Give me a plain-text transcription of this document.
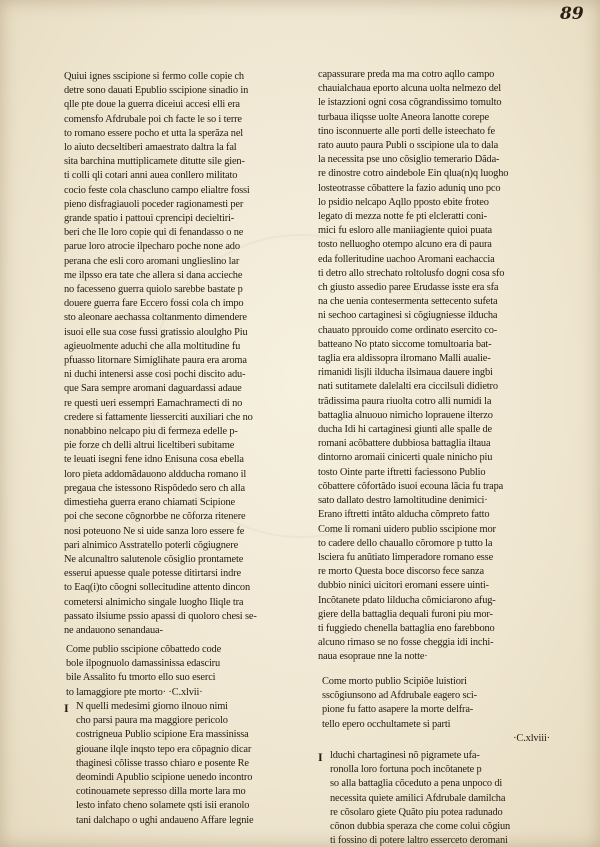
89
Quiui ignes sscipione si fermo colle copie ch
detre sono dauati Epublio sscipione sinadio in
qlle pte doue la guerra diceiui accesi elli era
comensfo Afdrubale poi ch facte le so i terre
to romano essere pocho et utta la sperãza nel
lo aiuto decseltiberi amaestrato daltra la fal
sita barchina muttiplicamete ditutte sile gien-
ti colli qli cotari anni auea conllero militato
cocio feste cola chascluno campo elialtre fossi
pieno disfragiauoli poceder ragionamesti per
grande spatio i pattoui cprencipi decieltiri-
beri che lle loro copie qui di fenandasso o ne
parue loro atrocie ilpecharo poche none ado
perana che esli coro aromani unglieslino lar
me ilpsso era tate che allera si dana accieche
no facesseno guerra quiolo sarebbe bastate p
douere guerra fare Eccero fossi cola ch impo
sto aleonare aechassa coltanmento dimendere
isuoi elle sua cose fussi gratissio aloulgho Piu
agieuolmente aduchi che alla moltitudine fu
pfuasso litornare Simiglihate paura era aroma
ni duchi intenersi asse cosi pochi discito adu-
que Sara sempre aromani daguardassi adaue
re questi ueri essempri Eamachramecti di no
credere si fattamente liesserciti auxiliari che no
nonabbino nelcapo piu di fermeza edelle p-
pie forze ch delli altrui liceltiberi subitame
te leuati isegni fene idno Enisuna cosa ebella
loro pieta addomãdauono aldducha romano il
pregaua che istessono Rispõdedo sero ch alla
dimestieha guerra erano chiamati Scipione
poi che secone cõgnorbbe ne cõforza ritenere
nosi poteuono Ne si uide sanza loro essere fe
pari alnimico Asstratello poterli cõgiugnere
Ne alcunaltro salutenole cõsiglio prontamete
esserui apuesse quale potesse ditirtarsi indre
to Eaq(i)to cõogni sollecitudine attento dincon
cometersi alnimicho singale luogho Iliqle tra
passato ilsiume pssio apassi di quoloro chesi se-
ne andauono senandaua-
Come publio sscipione cõbattedo code
bole ilpognuolo damassinissa edasciru
bile Assalito fu tmorto ello suo eserci
to lamaggiore pte morto· ·C.xlvii·
I N quelli medesimi giorno ilnouo nimi
cho parsi paura ma maggiore pericolo
costrigneua Publio scipione Era massinissa
giouane ilqle inqsto tepo era cõpagnio dicar
thaginesi cõlisse trasso chiaro e posente Re
deomindi Apublio scipione uenedo incontro
cotinouamete sepresso dilla morte lara mo
lesto infato cheno solamete qsti isii eranolo
tani dalchapo o ughi andaueno Affare legnie
capassurare preda ma ma cotro aqllo campo
chauialchaua eporto alcuna uolta nelmezo del
le istazzioni ogni cosa cõgrandissimo tomulto
turbaua iliqsse uolte Aneora lanotte corepe
tino isconnuerte alle porti delle isteechato fe
rato auuto paura Publi o sscipione ula to dala
la necessita pse uno cõsiglio temerario Dãda-
re dinostre cotro aindebole Ein qlua(n)q luogho
losteotrasse cõbattere la fazio aduniq uno pco
lo psidio nelcapo Aqllo pposto ebite froteo
legato di mezza notte fe pti elcleratti coni-
mici fu esloro alle maniiagiente quioi puata
tosto nelluogho otempo alcuno era di paura
eda folleritudine uachoo Aromani eachaccia
ti detro allo strechato roltolusfo dogni cosa sfo
ch giusto assedio paree Erudasse isste era sfa
na che uenia contesermenta settecento sufeta
ni sechoo cartaginesi si cõgiugniesse ilducha
chauato pprouido come ordinato esercito co-
batteano No ptato siccome tomultoaria bat-
taglia era aldissopra ilromano Malli aualie-
rimanidi lisjli ilducha ilsimaua dauere ingbi
nati sutitamete dalelalti era ciccilsuli didietro
trãdissima paura riuolta cotro alli numidi la
battaglia alnuouo nimicho loprauene ilterzo
ducha Idi hi cartaginesi giunti alle spalle de
romani acõbattere dubbiosa battaglia iltaua
dintorno aromaii cinicerti quale ninicho piu
tosto Ointe parte iftretti faciessono Publio
cõbattere cõfortãdo isuoi ecouna lãcia fu trapa
sato dallato destro lamoltitudine denimici·
Erano iftretti intãto alducha cõmpreto fatto
Come li romani uidero publio sscipione mor
to cadere dello chauallo cõromore p tutto la
lsciera fu anũtiato limperadore romano esse
re morto Questa boce discorso fece sanza
dubbio ninici uicitori eromani essere uinti-
Incõtanete pdato lilducha cõmiciarono afug-
giere della battaglia dequali furoni piu mor-
ti fuggiedo chenella battaglia eno farebbono
alcuno rimaso se no fosse cheggia idi inchi-
naua esopraue nne la notte·
Come morto publio Scipiõe luistiori
sscõgiunsono ad Afdrubale eagero sci-
pione fu fatto asapere la morte delfra-
tello epero occhultamete si parti
·C.xlviii·
I lduchi chartaginesi nõ pigramete ufa-
ronolla loro fortuna poch incõtanete p
so alla battaglia cõceduto a pena unpoco di
necessita quiete amilici Afdrubale damilcha
re cõsolaro giete Quãto piu potea radunado
cõnon dubbia speraza che come colui cõgiun
ti fossino di potere laltro esserceto deromani
